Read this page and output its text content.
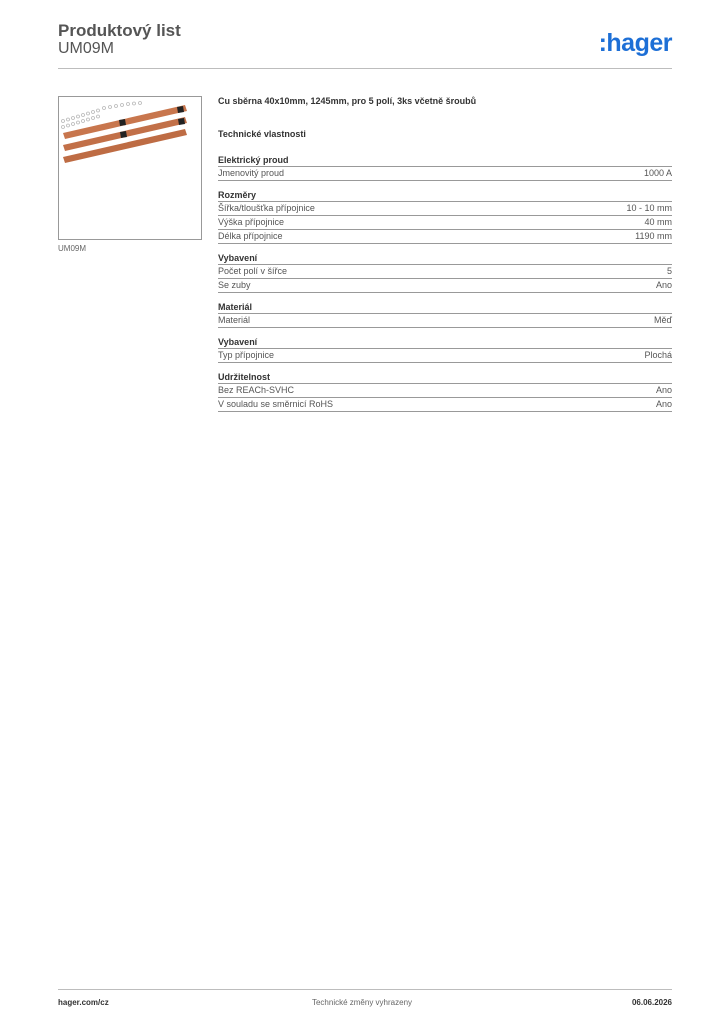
Produktový list
UM09M	:hager
UM09M
Cu sběrna 40x10mm, 1245mm, pro 5 polí, 3ks včetně šroubů
Technické vlastnosti
Elektrický proud
Jmenovitý proud	1000 A
Rozměry
Šířka/tloušťka přípojnice	10 - 10 mm
Výška přípojnice	40 mm
Délka přípojnice	1190 mm
Vybavení
Počet polí v šířce	5
Se zuby	Ano
Materiál
Materiál	Měď
Vybavení
Typ přípojnice	Plochá
Udržitelnost
Bez REACh-SVHC	Ano
V souladu se směrnicí RoHS	Ano
hager.com/cz	Technické změny vyhrazeny	06.06.2026
